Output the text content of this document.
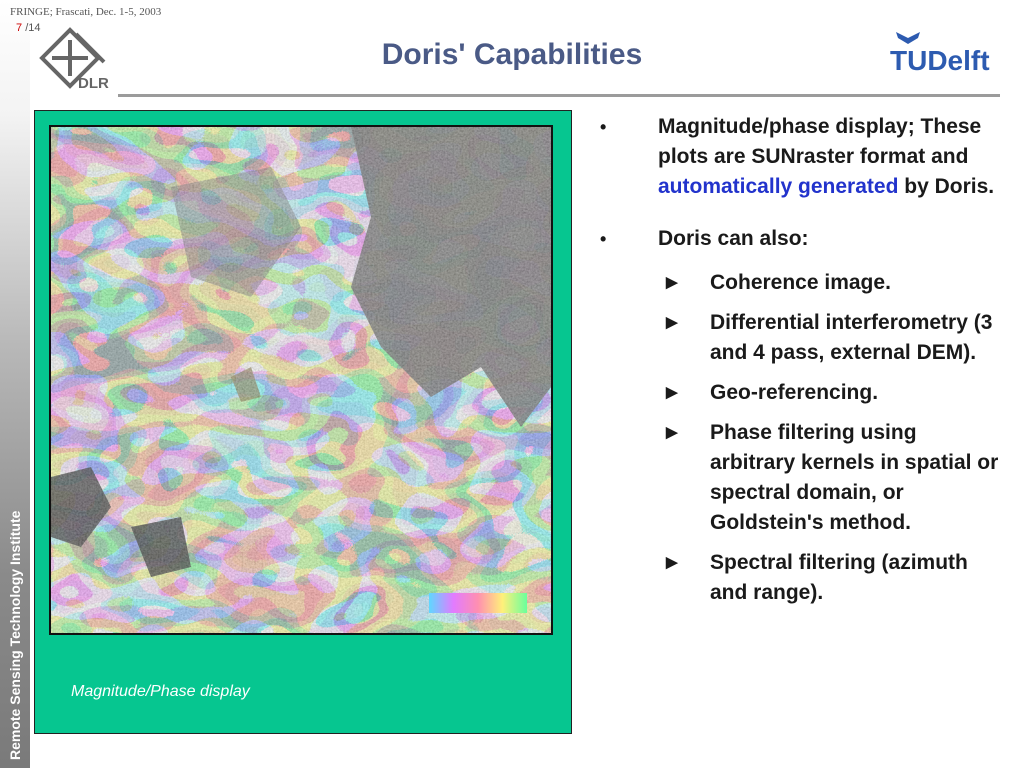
Remote Sensing Technology Institute
FRINGE; Frascati, Dec. 1-5, 2003
7 /14
DLR
Doris' Capabilities	TUDelft
Magnitude/Phase display
• Magnitude/phase display; These plots are SUNraster format and automatically generated by Doris.
• Doris can also:
▶ Coherence image.
▶ Differential interferometry (3 and 4 pass, external DEM).
▶ Geo-referencing.
▶ Phase filtering using arbitrary kernels in spatial or spectral domain, or Goldstein's method.
▶ Spectral filtering (azimuth and range).
